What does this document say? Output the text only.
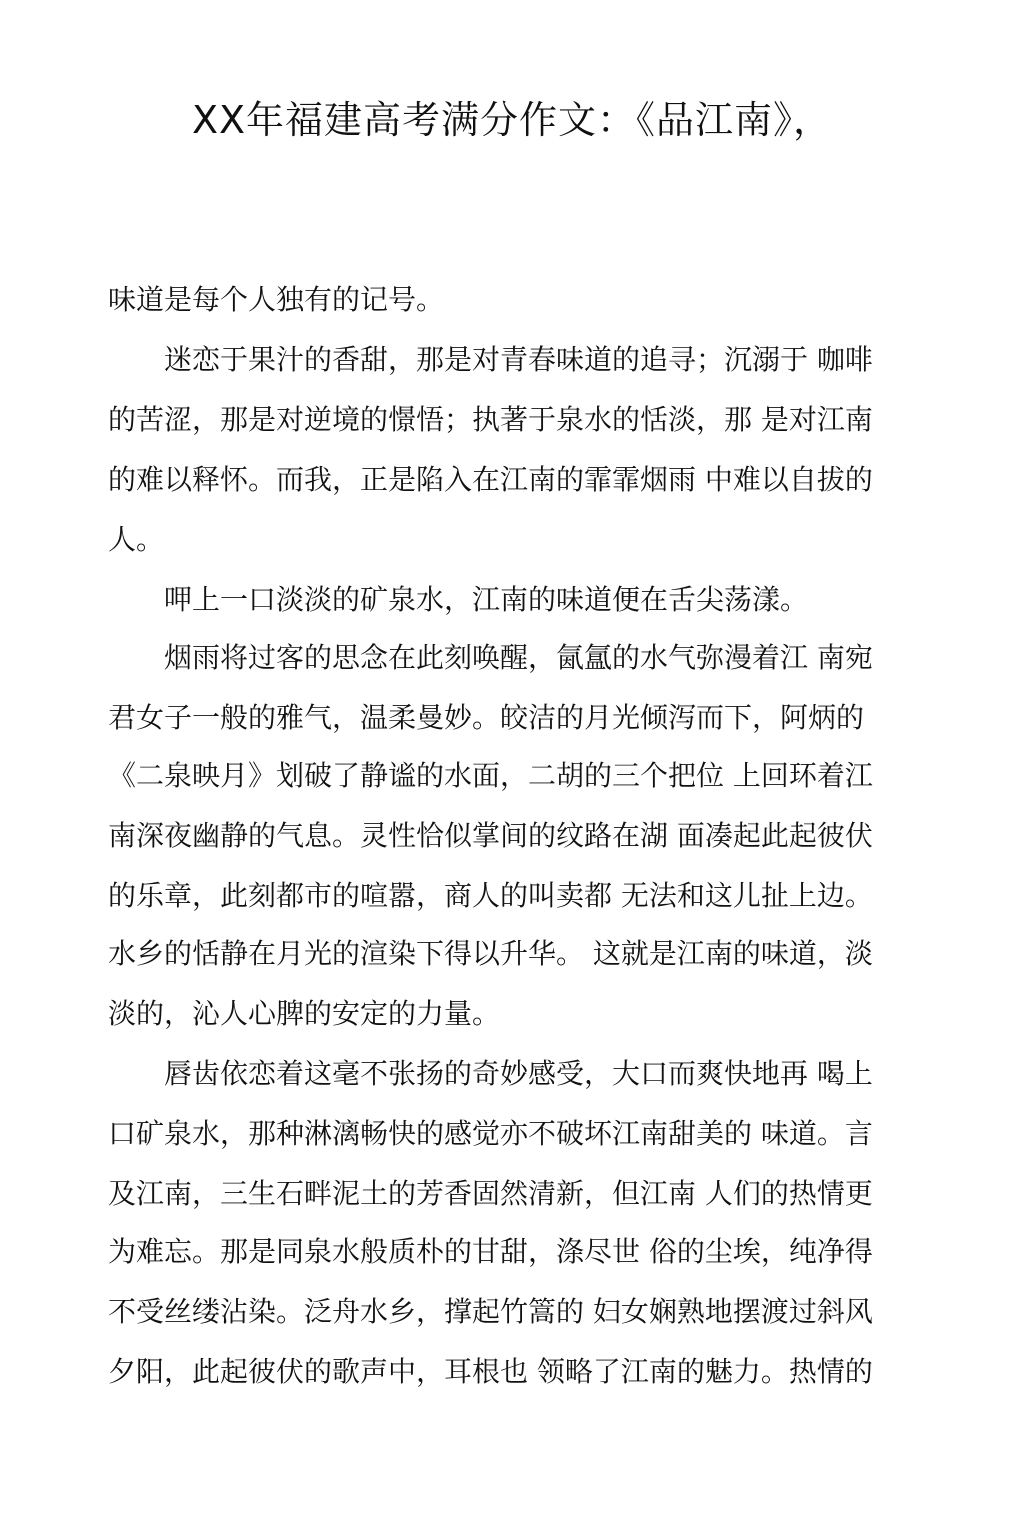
XX年福建高考满分作文：《品江南》，
味道是每个人独有的记号。
　　迷恋于果汁的香甜，那是对青春味道的追寻；沉溺于 咖啡
的苦涩，那是对逆境的憬悟；执著于泉水的恬淡，那 是对江南
的难以释怀。而我，正是陷入在江南的霏霏烟雨 中难以自拔的
人。
　　呷上一口淡淡的矿泉水，江南的味道便在舌尖荡漾。
　　烟雨将过客的思念在此刻唤醒，氤氲的水气弥漫着江 南宛
君女子一般的雅气，温柔曼妙。皎洁的月光倾泻而下，阿炳的
《二泉映月》划破了静谧的水面，二胡的三个把位 上回环着江
南深夜幽静的气息。灵性恰似掌间的纹路在湖 面凑起此起彼伏
的乐章，此刻都市的喧嚣，商人的叫卖都 无法和这儿扯上边。
水乡的恬静在月光的渲染下得以升华。 这就是江南的味道，淡
淡的，沁人心脾的安定的力量。
　　唇齿依恋着这毫不张扬的奇妙感受，大口而爽快地再 喝上
口矿泉水，那种淋漓畅快的感觉亦不破坏江南甜美的 味道。言
及江南，三生石畔泥土的芳香固然清新，但江南 人们的热情更
为难忘。那是同泉水般质朴的甘甜，涤尽世 俗的尘埃，纯净得
不受丝缕沾染。泛舟水乡，撑起竹篙的 妇女娴熟地摆渡过斜风
夕阳，此起彼伏的歌声中，耳根也 领略了江南的魅力。热情的
